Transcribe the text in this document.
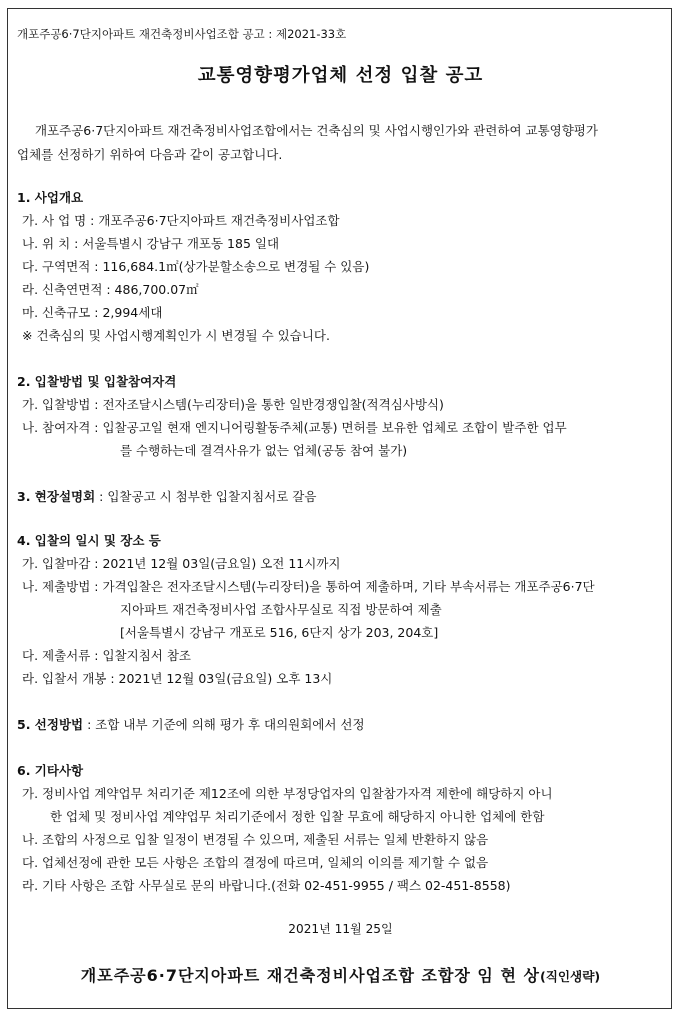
개포주공6·7단지아파트 재건축정비사업조합 공고 : 제2021-33호
교통영향평가업체 선정 입찰 공고
개포주공6·7단지아파트 재건축정비사업조합에서는 건축심의 및 사업시행인가와 관련하여 교통영향평가
업체를 선정하기 위하여 다음과 같이 공고합니다.
1. 사업개요
가. 사 업 명 : 개포주공6·7단지아파트 재건축정비사업조합
나. 위 치 : 서울특별시 강남구 개포동 185 일대
다. 구역면적 : 116,684.1㎡(상가분할소송으로 변경될 수 있음)
라. 신축연면적 : 486,700.07㎡
마. 신축규모 : 2,994세대
※ 건축심의 및 사업시행계획인가 시 변경될 수 있습니다.
2. 입찰방법 및 입찰참여자격
가. 입찰방법 : 전자조달시스템(누리장터)을 통한 일반경쟁입찰(적격심사방식)
나. 참여자격 : 입찰공고일 현재 엔지니어링활동주체(교통) 면허를 보유한 업체로 조합이 발주한 업무
를 수행하는데 결격사유가 없는 업체(공동 참여 불가)
3. 현장설명회 : 입찰공고 시 첨부한 입찰지침서로 갈음
4. 입찰의 일시 및 장소 등
가. 입찰마감 : 2021년 12월 03일(금요일) 오전 11시까지
나. 제출방법 : 가격입찰은 전자조달시스템(누리장터)을 통하여 제출하며, 기타 부속서류는 개포주공6·7단
지아파트 재건축정비사업 조합사무실로 직접 방문하여 제출
[서울특별시 강남구 개포로 516, 6단지 상가 203, 204호]
다. 제출서류 : 입찰지침서 참조
라. 입찰서 개봉 : 2021년 12월 03일(금요일) 오후 13시
5. 선정방법 : 조합 내부 기준에 의해 평가 후 대의원회에서 선정
6. 기타사항
가. 정비사업 계약업무 처리기준 제12조에 의한 부정당업자의 입찰참가자격 제한에 해당하지 아니
한 업체 및 정비사업 계약업무 처리기준에서 정한 입찰 무효에 해당하지 아니한 업체에 한함
나. 조합의 사정으로 입찰 일정이 변경될 수 있으며, 제출된 서류는 일체 반환하지 않음
다. 업체선정에 관한 모든 사항은 조합의 결정에 따르며, 일체의 이의를 제기할 수 없음
라. 기타 사항은 조합 사무실로 문의 바랍니다.(전화 02-451-9955 / 팩스 02-451-8558)
2021년 11월 25일
개포주공6·7단지아파트 재건축정비사업조합 조합장 임 현 상(직인생략)
